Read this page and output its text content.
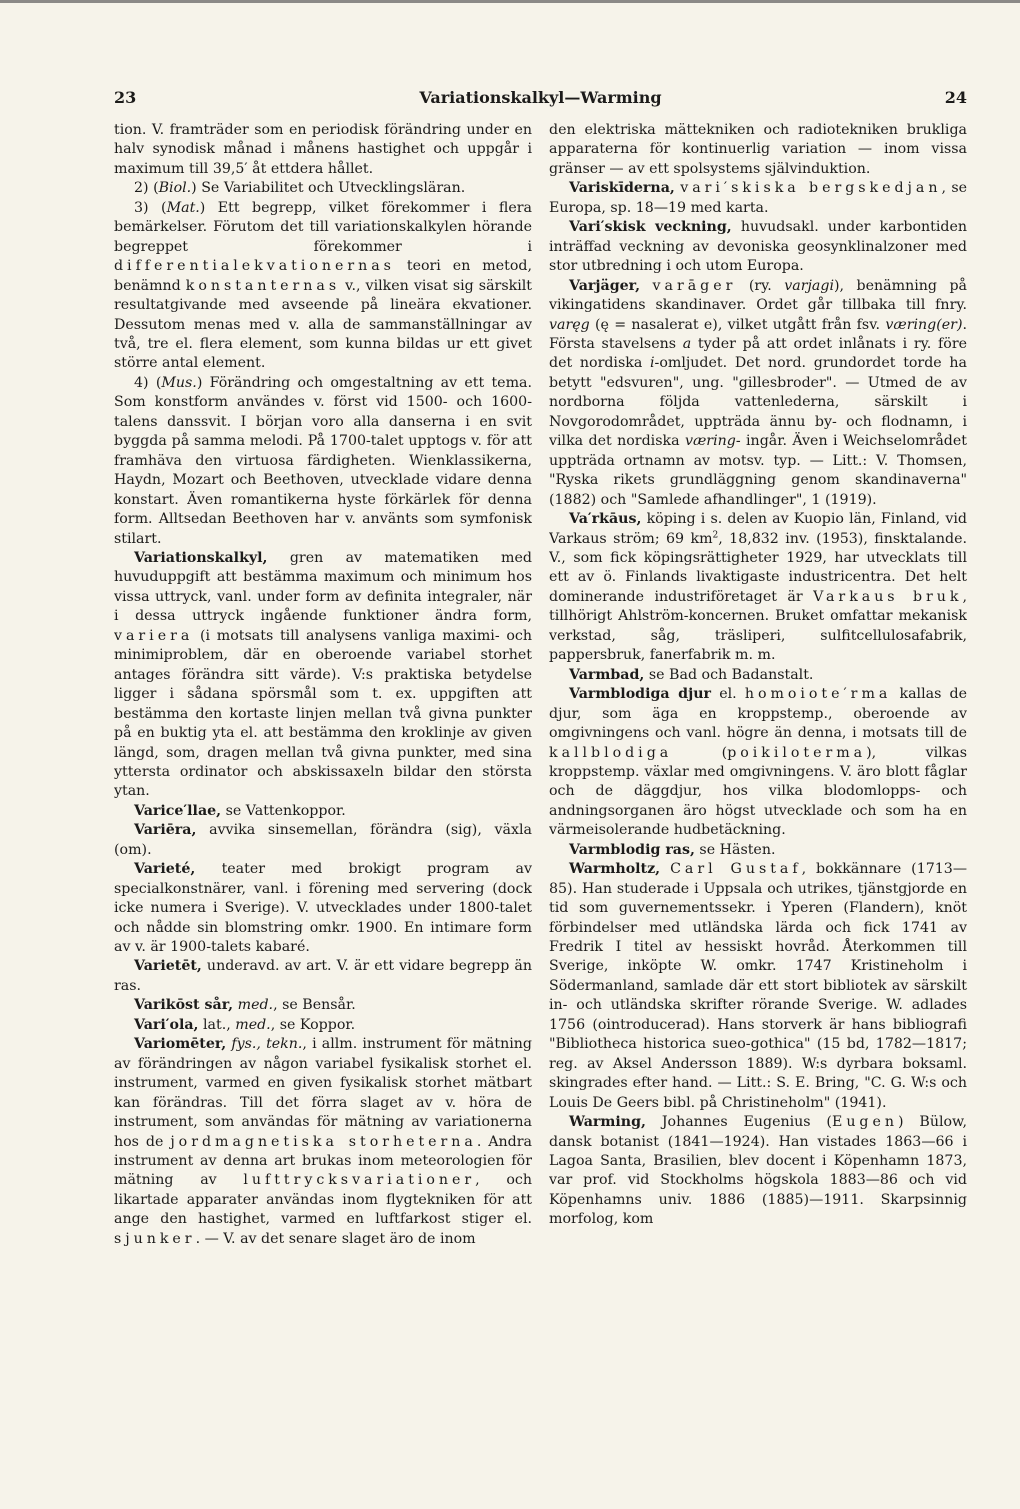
23	Variationskalkyl—Warming	24

tion. V. framträder som en periodisk förändring under en halv synodisk månad i månens hastighet och uppgår i maximum till 39,5′ åt ettdera hållet.

2) (Biol.) Se Variabilitet och Utvecklingsläran.

3) (Mat.) Ett begrepp, vilket förekommer i flera bemärkelser. Förutom det till variationskalkylen hörande begreppet förekommer i differentialekvationernas teori en metod, benämnd konstanternas v., vilken visat sig särskilt resultatgivande med avseende på lineära ekvationer. Dessutom menas med v. alla de sammanställningar av två, tre el. flera element, som kunna bildas ur ett givet större antal element.

4) (Mus.) Förändring och omgestaltning av ett tema. Som konstform användes v. först vid 1500- och 1600-talens danssvit. I början voro alla danserna i en svit byggda på samma melodi. På 1700-talet upptogs v. för att framhäva den virtuosa färdigheten. Wienklassikerna, Haydn, Mozart och Beethoven, utvecklade vidare denna konstart. Även romantikerna hyste förkärlek för denna form. Alltsedan Beethoven har v. använts som symfonisk stilart.

Variationskalkyl, gren av matematiken med huvuduppgift att bestämma maximum och minimum hos vissa uttryck, vanl. under form av definita integraler, när i dessa uttryck ingående funktioner ändra form, variera (i motsats till analysens vanliga maximi- och minimiproblem, där en oberoende variabel storhet antages förändra sitt värde). V:s praktiska betydelse ligger i sådana spörsmål som t. ex. uppgiften att bestämma den kortaste linjen mellan två givna punkter på en buktig yta el. att bestämma den kroklinje av given längd, som, dragen mellan två givna punkter, med sina yttersta ordinator och abskissaxeln bildar den största ytan.

Varice′llae, se Vattenkoppor.

Variēra, avvika sinsemellan, förändra (sig), växla (om).

Varieté, teater med brokigt program av specialkonstnärer, vanl. i förening med servering (dock icke numera i Sverige). V. utvecklades under 1800-talet och nådde sin blomstring omkr. 1900. En intimare form av v. är 1900-talets kabaré.

Varietēt, underavd. av art. V. är ett vidare begrepp än ras.

Varikōst sår, med., se Bensår.

Vari′ola, lat., med., se Koppor.

Variomēter, fys., tekn., i allm. instrument för mätning av förändringen av någon variabel fysikalisk storhet el. instrument, varmed en given fysikalisk storhet mätbart kan förändras. Till det förra slaget av v. höra de instrument, som användas för mätning av variationerna hos de jordmagnetiska storheterna. Andra instrument av denna art brukas inom meteorologien för mätning av lufttrycksvariationer, och likartade apparater användas inom flygtekniken för att ange den hastighet, varmed en luftfarkost stiger el. sjunker. — V. av det senare slaget äro de inom

den elektriska mättekniken och radiotekniken brukliga apparaterna för kontinuerlig variation — inom vissa gränser — av ett spolsystems självinduktion.

Variskīderna, vari′skiska bergskedjan, se Europa, sp. 18—19 med karta.

Vari′skisk veckning, huvudsakl. under karbontiden inträffad veckning av devoniska geosynklinalzoner med stor utbredning i och utom Europa.

Varjäger, varāger (ry. varjagi), benämning på vikingatidens skandinaver. Ordet går tillbaka till fnry. varęg (ę = nasalerat e), vilket utgått från fsv. væring(er). Första stavelsens a tyder på att ordet inlånats i ry. före det nordiska i-omljudet. Det nord. grundordet torde ha betytt "edsvuren", ung. "gillesbroder". — Utmed de av nordborna följda vattenlederna, särskilt i Novgorodområdet, uppträda ännu by- och flodnamn, i vilka det nordiska væring- ingår. Även i Weichselområdet uppträda ortnamn av motsv. typ. — Litt.: V. Thomsen, "Ryska rikets grundläggning genom skandinaverna" (1882) och "Samlede afhandlinger", 1 (1919).

Va′rkāus, köping i s. delen av Kuopio län, Finland, vid Varkaus ström; 69 $km^2$, 18,832 inv. (1953), finsktalande. V., som fick köpingsrättigheter 1929, har utvecklats till ett av ö. Finlands livaktigaste industricentra. Det helt dominerande industriföretaget är Varkaus bruk, tillhörigt Ahlström-koncernen. Bruket omfattar mekanisk verkstad, såg, träsliperi, sulfitcellulosafabrik, pappersbruk, fanerfabrik m. m.

Varmbad, se Bad och Badanstalt.

Varmblodiga djur el. homoiote′rma kallas de djur, som äga en kroppstemp., oberoende av omgivningens och vanl. högre än denna, i motsats till de kallblodiga (poikiloterma), vilkas kroppstemp. växlar med omgivningens. V. äro blott fåglar och de däggdjur, hos vilka blodomlopps- och andningsorganen äro högst utvecklade och som ha en värmeisolerande hudbetäckning.

Varmblodig ras, se Hästen.

Warmholtz, Carl Gustaf, bokkännare (1713—85). Han studerade i Uppsala och utrikes, tjänstgjorde en tid som guvernementssekr. i Yperen (Flandern), knöt förbindelser med utländska lärda och fick 1741 av Fredrik I titel av hessiskt hovråd. Återkommen till Sverige, inköpte W. omkr. 1747 Kristineholm i Södermanland, samlade där ett stort bibliotek av särskilt in- och utländska skrifter rörande Sverige. W. adlades 1756 (ointroducerad). Hans storverk är hans bibliografi "Bibliotheca historica sueo-gothica" (15 bd, 1782—1817; reg. av Aksel Andersson 1889). W:s dyrbara boksaml. skingrades efter hand. — Litt.: S. E. Bring, "C. G. W:s och Louis De Geers bibl. på Christineholm" (1941).

Warming, Johannes Eugenius (Eugen) Bülow, dansk botanist (1841—1924). Han vistades 1863—66 i Lagoa Santa, Brasilien, blev docent i Köpenhamn 1873, var prof. vid Stockholms högskola 1883—86 och vid Köpenhamns univ. 1886 (1885)—1911. Skarpsinnig morfolog, kom
